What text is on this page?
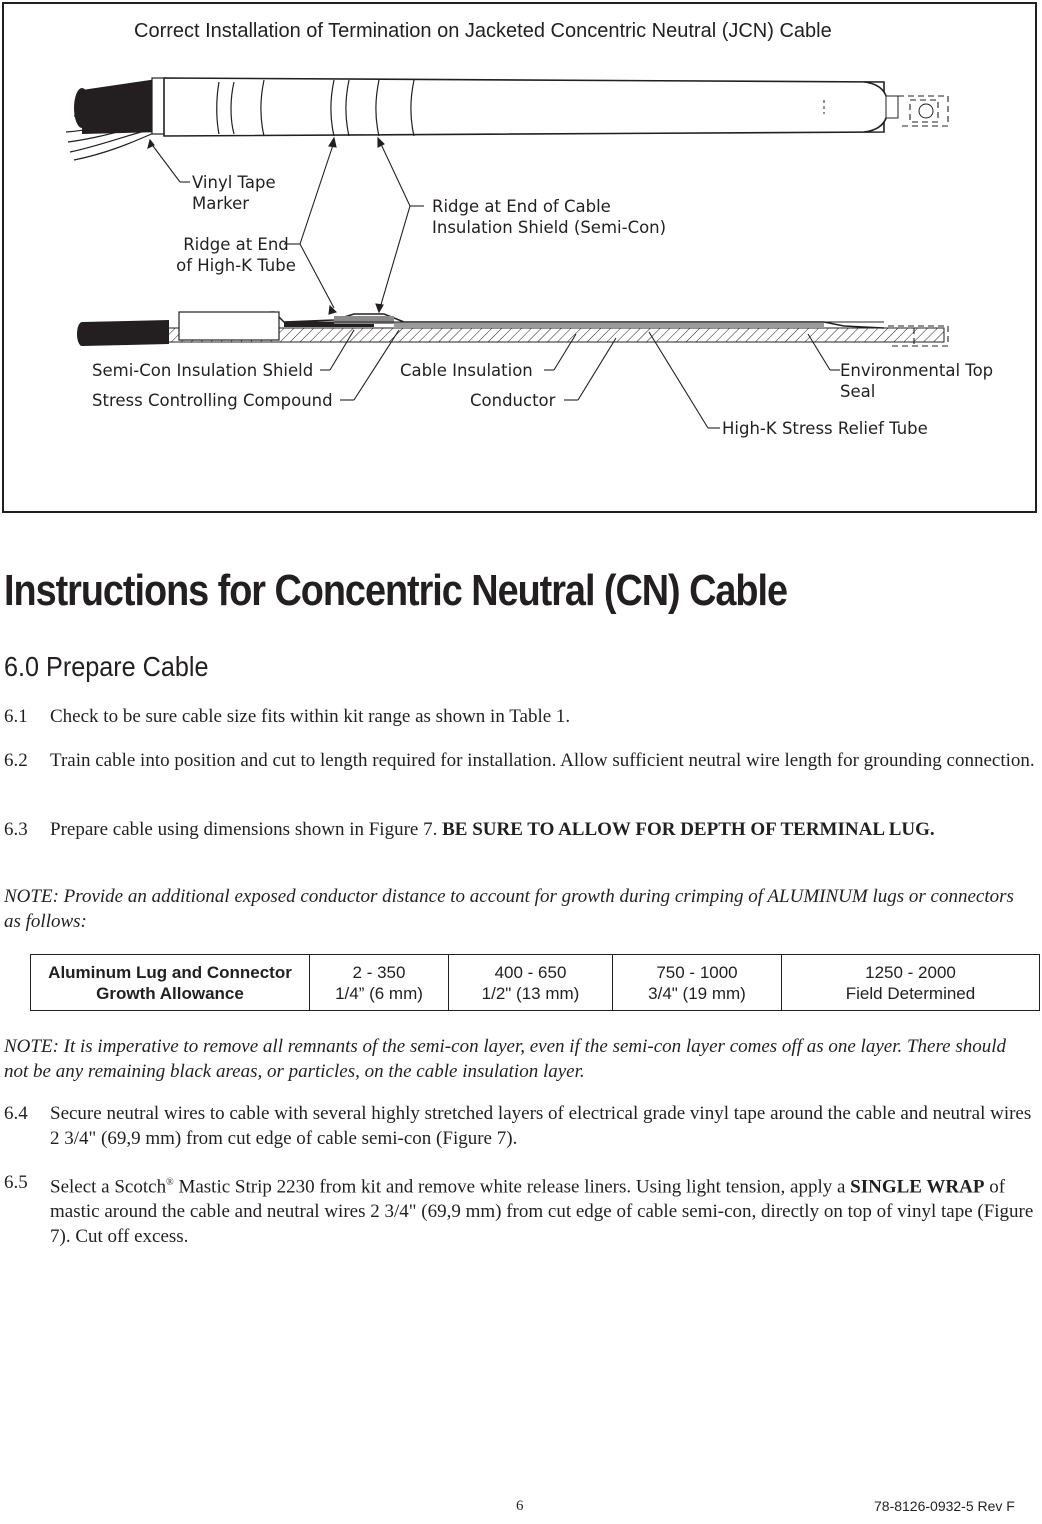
Correct Installation of Termination on Jacketed Concentric Neutral (JCN) Cable
Vinyl Tape
Marker	Ridge at End of Cable
Insulation Shield (Semi-Con)
Ridge at End
of High-K Tube
Semi-Con Insulation Shield
Stress Controlling Compound
Cable Insulation
Conductor
Environmental Top
Seal
High-K Stress Relief Tube
Instructions for Concentric Neutral (CN) Cable
6.0 Prepare Cable
6.1 Check to be sure cable size fits within kit range as shown in Table 1.
6.2 Train cable into position and cut to length required for installation. Allow sufficient neutral wire length for grounding connection.
6.3 Prepare cable using dimensions shown in Figure 7. BE SURE TO ALLOW FOR DEPTH OF TERMINAL LUG.
NOTE: Provide an additional exposed conductor distance to account for growth during crimping of ALUMINUM lugs or connectors as follows:
Aluminum Lug and Connector
Growth Allowance

2 - 350
1/4” (6 mm)

400 - 650
1/2" (13 mm)

750 - 1000
3/4" (19 mm)

1250 - 2000
Field Determined
NOTE: It is imperative to remove all remnants of the semi-con layer, even if the semi-con layer comes off as one layer. There should not be any remaining black areas, or particles, on the cable insulation layer.
6.4 Secure neutral wires to cable with several highly stretched layers of electrical grade vinyl tape around the cable and neutral wires 2 3/4" (69,9 mm) from cut edge of cable semi-con (Figure 7).
6.5 Select a Scotch® Mastic Strip 2230 from kit and remove white release liners. Using light tension, apply a SINGLE WRAP of mastic around the cable and neutral wires 2 3/4" (69,9 mm) from cut edge of cable semi-con, directly on top of vinyl tape (Figure 7). Cut off excess.
6	78-8126-0932-5 Rev F
